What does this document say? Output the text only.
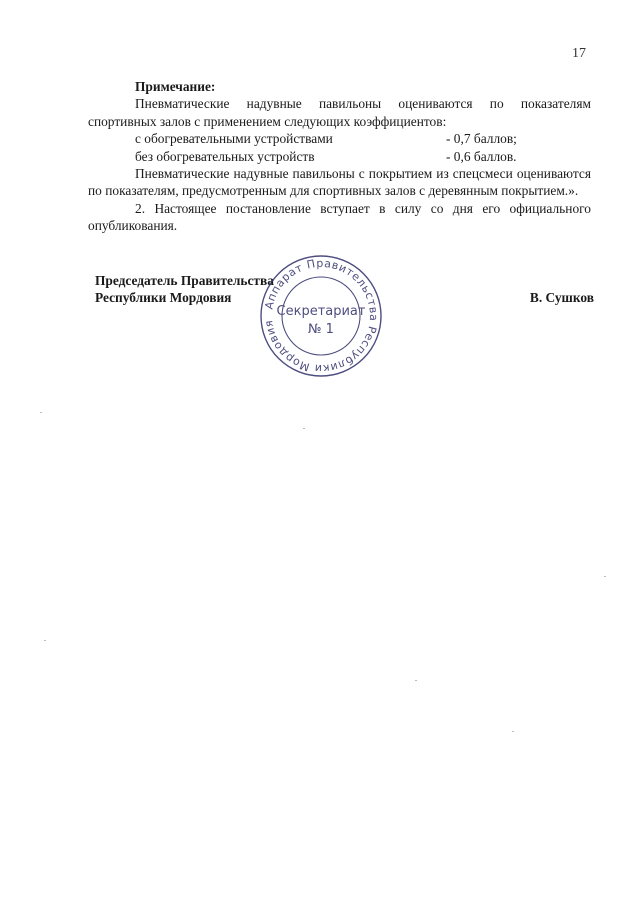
17
Примечание:

Пневматические надувные павильоны оцениваются по показателям спортивных залов с применением следующих коэффициентов:

с обогревательными устройствами	- 0,7 баллов;
без обогревательных устройств	- 0,6 баллов.

Пневматические надувные павильоны с покрытием из спецсмеси оцениваются по показателям, предусмотренным для спортивных залов с деревянным покрытием.».

2. Настоящее постановление вступает в силу со дня его официального опубликования.

Председатель Правительства
Республики Мордовия	В. Сушков
Аппарат Правительства Республики Мордовия
Секретариат
№ 1
